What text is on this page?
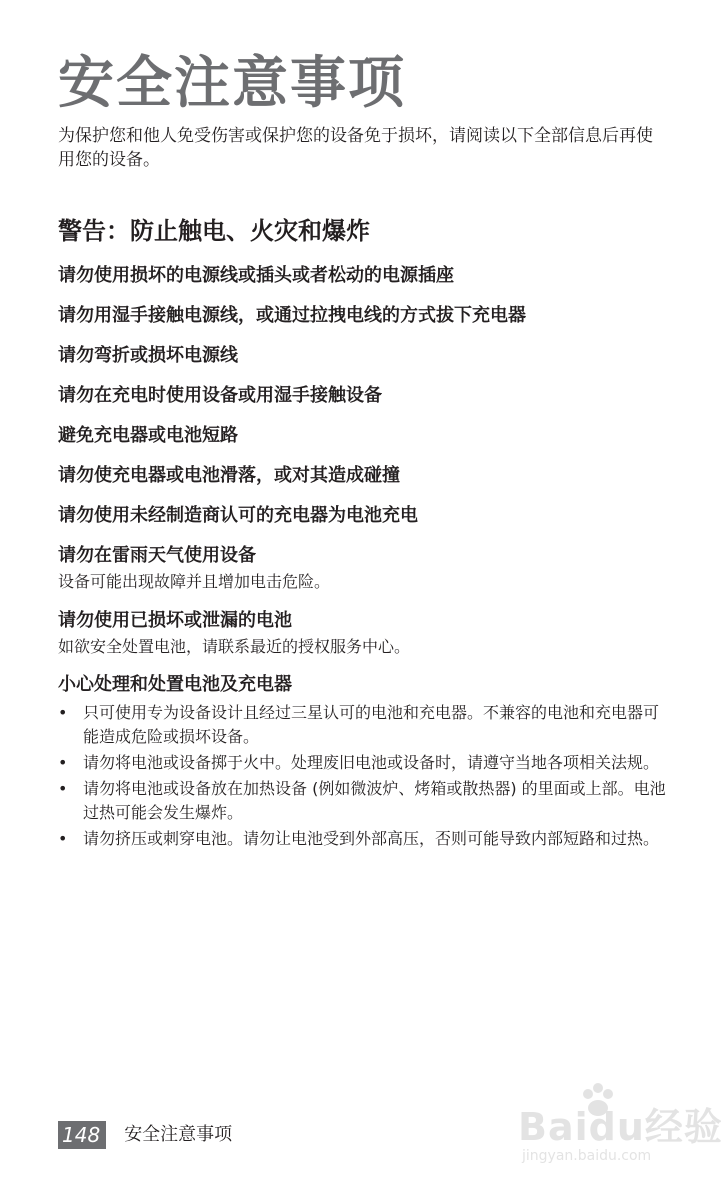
安全注意事项

为保护您和他人免受伤害或保护您的设备免于损坏，请阅读以下全部信息后再使用您的设备。

警告：防止触电、火灾和爆炸
请勿使用损坏的电源线或插头或者松动的电源插座
请勿用湿手接触电源线，或通过拉拽电线的方式拔下充电器
请勿弯折或损坏电源线
请勿在充电时使用设备或用湿手接触设备
避免充电器或电池短路
请勿使充电器或电池滑落，或对其造成碰撞
请勿使用未经制造商认可的充电器为电池充电
请勿在雷雨天气使用设备

设备可能出现故障并且增加电击危险。

请勿使用已损坏或泄漏的电池

如欲安全处置电池，请联系最近的授权服务中心。

小心处理和处置电池及充电器
• 只可使用专为设备设计且经过三星认可的电池和充电器。不兼容的电池和充电器可能造成危险或损坏设备。
• 请勿将电池或设备掷于火中。处理废旧电池或设备时，请遵守当地各项相关法规。
• 请勿将电池或设备放在加热设备 (例如微波炉、烤箱或散热器) 的里面或上部。电池过热可能会发生爆炸。
• 请勿挤压或刺穿电池。请勿让电池受到外部高压，否则可能导致内部短路和过热。
148	安全注意事项	Baidu经验
jingyan.baidu.com
